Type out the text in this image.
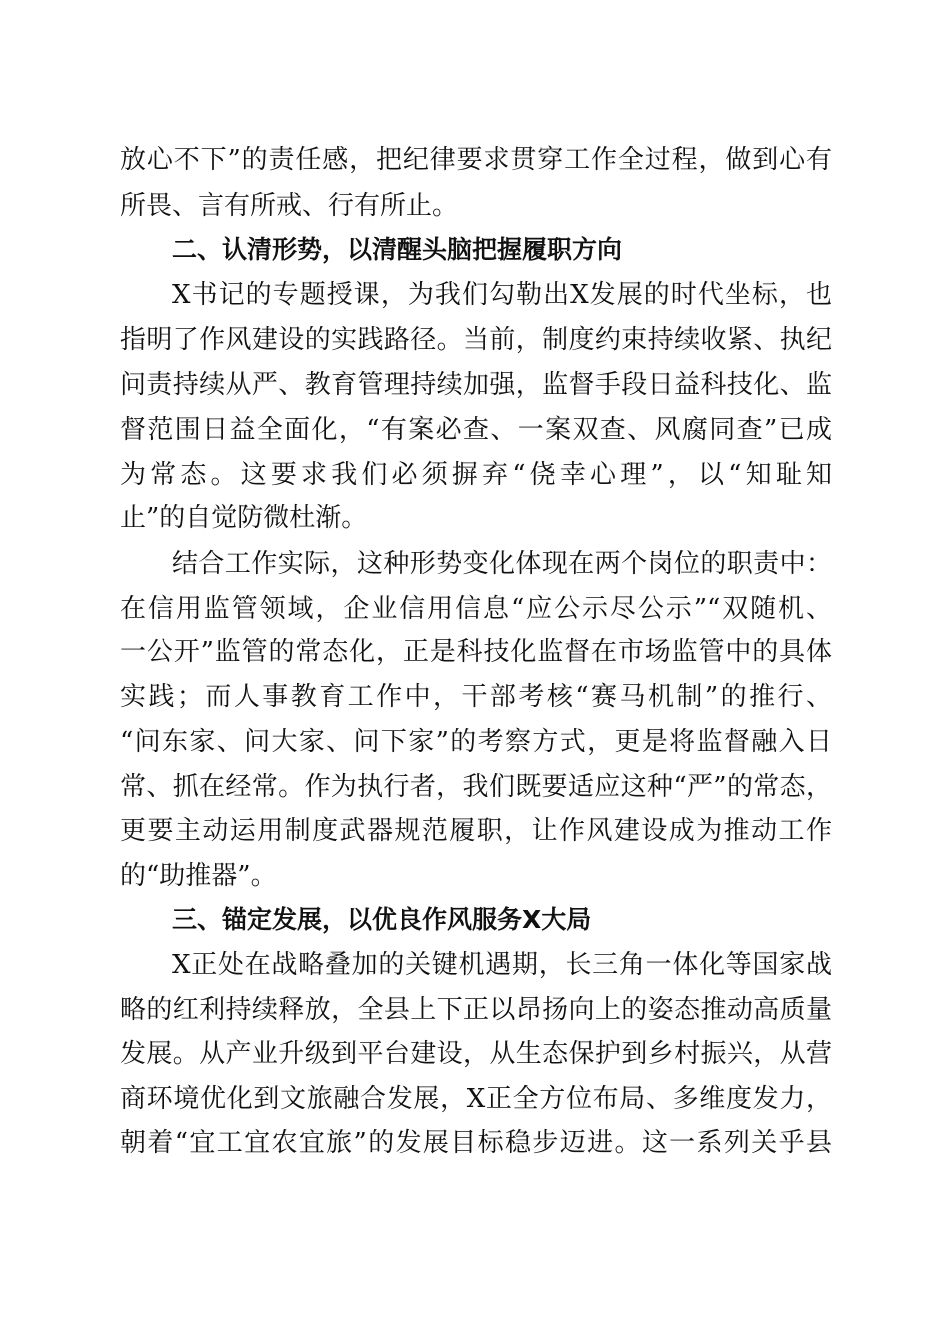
放心不下”的责任感，把纪律要求贯穿工作全过程，做到心有
所畏、言有所戒、行有所止。
二、认清形势，以清醒头脑把握履职方向
X书记的专题授课，为我们勾勒出X发展的时代坐标，也
指明了作风建设的实践路径。当前，制度约束持续收紧、执纪
问责持续从严、教育管理持续加强，监督手段日益科技化、监
督范围日益全面化，“有案必查、一案双查、风腐同查”已成
为常态。这要求我们必须摒弃“侥幸心理”，以“知耻知
止”的自觉防微杜渐。
结合工作实际，这种形势变化体现在两个岗位的职责中：
在信用监管领域，企业信用信息“应公示尽公示”“双随机、
一公开”监管的常态化，正是科技化监督在市场监管中的具体
实践；而人事教育工作中，干部考核“赛马机制”的推行、
“问东家、问大家、问下家”的考察方式，更是将监督融入日
常、抓在经常。作为执行者，我们既要适应这种“严”的常态，
更要主动运用制度武器规范履职，让作风建设成为推动工作
的“助推器”。
三、锚定发展，以优良作风服务X大局
X正处在战略叠加的关键机遇期，长三角一体化等国家战
略的红利持续释放，全县上下正以昂扬向上的姿态推动高质量
发展。从产业升级到平台建设，从生态保护到乡村振兴，从营
商环境优化到文旅融合发展，X正全方位布局、多维度发力，
朝着“宜工宜农宜旅”的发展目标稳步迈进。这一系列关乎县
